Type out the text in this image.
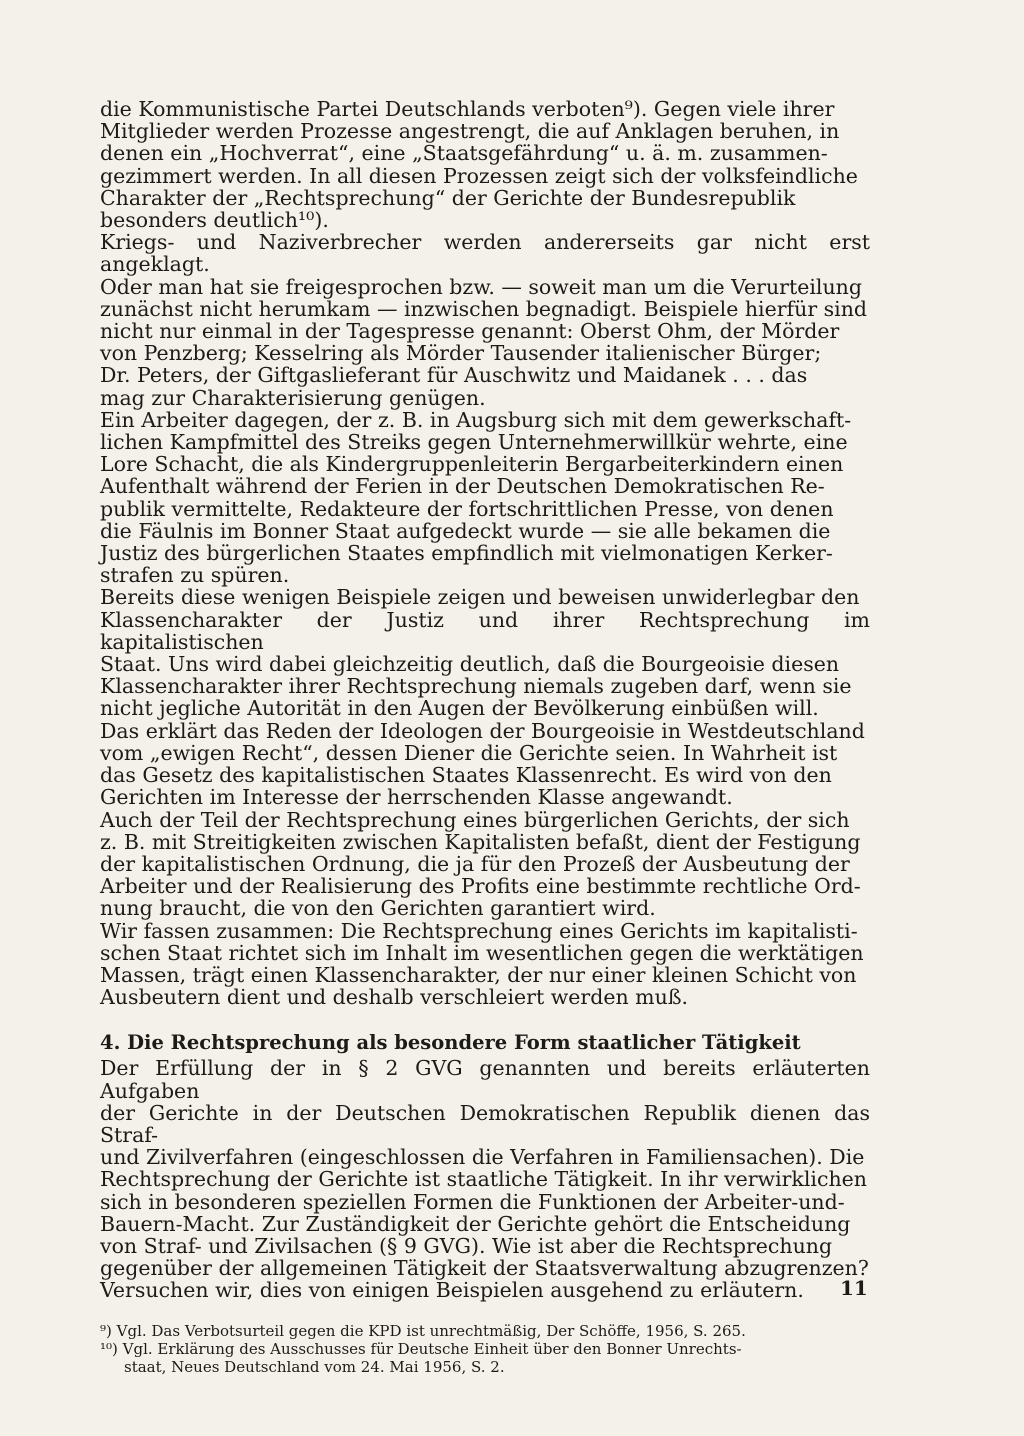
die Kommunistische Partei Deutschlands verboten⁹). Gegen viele ihrer
Mitglieder werden Prozesse angestrengt, die auf Anklagen beruhen, in
denen ein „Hochverrat“, eine „Staatsgefährdung“ u. ä. m. zusammen-
gezimmert werden. In all diesen Prozessen zeigt sich der volksfeindliche
Charakter der „Rechtsprechung“ der Gerichte der Bundesrepublik
besonders deutlich¹⁰).

Kriegs- und Naziverbrecher werden andererseits gar nicht erst angeklagt.
Oder man hat sie freigesprochen bzw. — soweit man um die Verurteilung
zunächst nicht herumkam — inzwischen begnadigt. Beispiele hierfür sind
nicht nur einmal in der Tagespresse genannt: Oberst Ohm, der Mörder
von Penzberg; Kesselring als Mörder Tausender italienischer Bürger;
Dr. Peters, der Giftgaslieferant für Auschwitz und Maidanek . . . das
mag zur Charakterisierung genügen.

Ein Arbeiter dagegen, der z. B. in Augsburg sich mit dem gewerkschaft-
lichen Kampfmittel des Streiks gegen Unternehmerwillkür wehrte, eine
Lore Schacht, die als Kindergruppenleiterin Bergarbeiterkindern einen
Aufenthalt während der Ferien in der Deutschen Demokratischen Re-
publik vermittelte, Redakteure der fortschrittlichen Presse, von denen
die Fäulnis im Bonner Staat aufgedeckt wurde — sie alle bekamen die
Justiz des bürgerlichen Staates empfindlich mit vielmonatigen Kerker-
strafen zu spüren.

Bereits diese wenigen Beispiele zeigen und beweisen unwiderlegbar den
Klassencharakter der Justiz und ihrer Rechtsprechung im kapitalistischen
Staat. Uns wird dabei gleichzeitig deutlich, daß die Bourgeoisie diesen
Klassencharakter ihrer Rechtsprechung niemals zugeben darf, wenn sie
nicht jegliche Autorität in den Augen der Bevölkerung einbüßen will.
Das erklärt das Reden der Ideologen der Bourgeoisie in Westdeutschland
vom „ewigen Recht“, dessen Diener die Gerichte seien. In Wahrheit ist
das Gesetz des kapitalistischen Staates Klassenrecht. Es wird von den
Gerichten im Interesse der herrschenden Klasse angewandt.

Auch der Teil der Rechtsprechung eines bürgerlichen Gerichts, der sich
z. B. mit Streitigkeiten zwischen Kapitalisten befaßt, dient der Festigung
der kapitalistischen Ordnung, die ja für den Prozeß der Ausbeutung der
Arbeiter und der Realisierung des Profits eine bestimmte rechtliche Ord-
nung braucht, die von den Gerichten garantiert wird.

Wir fassen zusammen: Die Rechtsprechung eines Gerichts im kapitalisti-
schen Staat richtet sich im Inhalt im wesentlichen gegen die werktätigen
Massen, trägt einen Klassencharakter, der nur einer kleinen Schicht von
Ausbeutern dient und deshalb verschleiert werden muß.

4. Die Rechtsprechung als besondere Form staatlicher Tätigkeit

Der Erfüllung der in § 2 GVG genannten und bereits erläuterten Aufgaben
der Gerichte in der Deutschen Demokratischen Republik dienen das Straf-
und Zivilverfahren (eingeschlossen die Verfahren in Familiensachen). Die
Rechtsprechung der Gerichte ist staatliche Tätigkeit. In ihr verwirklichen
sich in besonderen speziellen Formen die Funktionen der Arbeiter-und-
Bauern-Macht. Zur Zuständigkeit der Gerichte gehört die Entscheidung
von Straf- und Zivilsachen (§ 9 GVG). Wie ist aber die Rechtsprechung
gegenüber der allgemeinen Tätigkeit der Staatsverwaltung abzugrenzen?
Versuchen wir, dies von einigen Beispielen ausgehend zu erläutern.

⁹) Vgl. Das Verbotsurteil gegen die KPD ist unrechtmäßig, Der Schöffe, 1956, S. 265.
¹⁰) Vgl. Erklärung des Ausschusses für Deutsche Einheit über den Bonner Unrechts-
staat, Neues Deutschland vom 24. Mai 1956, S. 2.
11
